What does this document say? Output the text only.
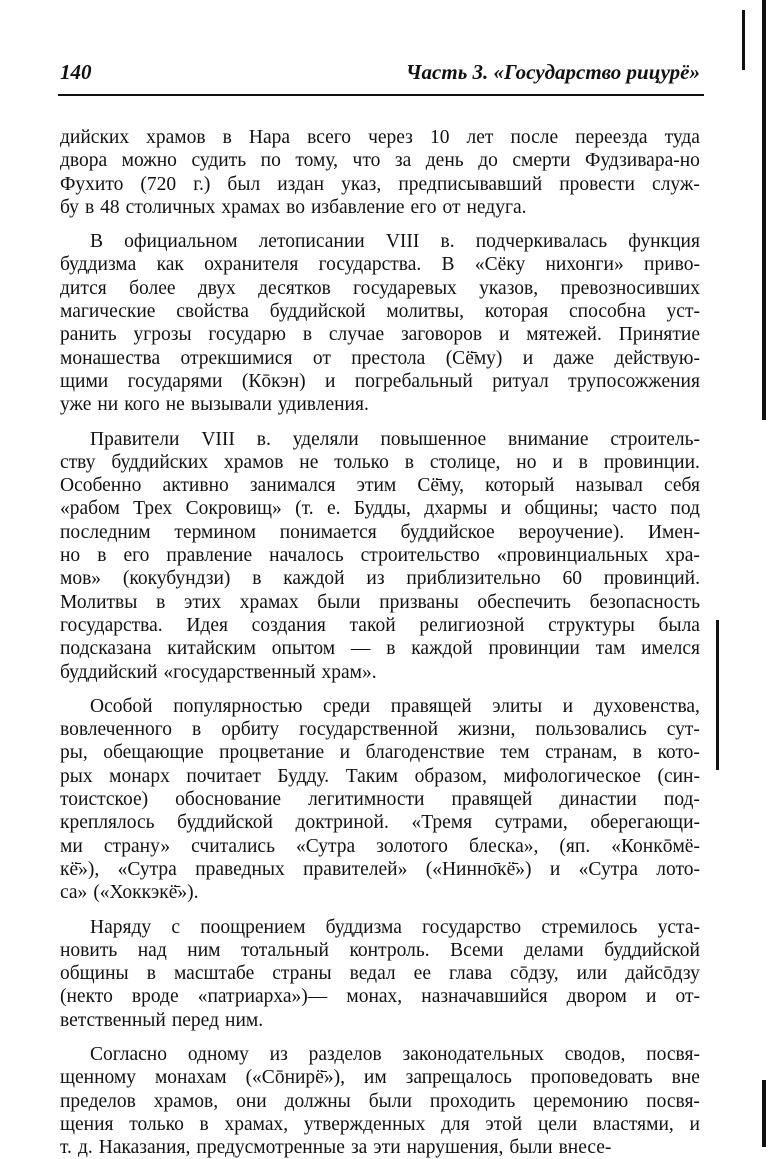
140	Часть 3. «Государство рицурё»
дийских храмов в Нара всего через 10 лет после переезда туда
двора можно судить по тому, что за день до смерти Фудзивара-но
Фухито (720 г.) был издан указ, предписывавший провести служ-
бу в 48 столичных храмах во избавление его от недуга.
В официальном летописании VIII в. подчеркивалась функция
буддизма как охранителя государства. В «Сёку нихонги» приво-
дится более двух десятков государевых указов, превозносивших
магические свойства буддийской молитвы, которая способна уст-
ранить угрозы государю в случае заговоров и мятежей. Принятие
монашества отрекшимися от престола (Сё̄му) и даже действую-
щими государями (Кōкэн) и погребальный ритуал трупосожжения
уже ни кого не вызывали удивления.
Правители VIII в. уделяли повышенное внимание строитель-
ству буддийских храмов не только в столице, но и в провинции.
Особенно активно занимался этим Сё̄му, который называл себя
«рабом Трех Сокровищ» (т. е. Будды, дхармы и общины; часто под
последним термином понимается буддийское вероучение). Имен-
но в его правление началось строительство «провинциальных хра-
мов» (кокубундзи) в каждой из приблизительно 60 провинций.
Молитвы в этих храмах были призваны обеспечить безопасность
государства. Идея создания такой религиозной структуры была
подсказана китайским опытом — в каждой провинции там имелся
буддийский «государственный храм».
Особой популярностью среди правящей элиты и духовенства,
вовлеченного в орбиту государственной жизни, пользовались сут-
ры, обещающие процветание и благоденствие тем странам, в кото-
рых монарх почитает Будду. Таким образом, мифологическое (син-
тоистское) обоснование легитимности правящей династии под-
креплялось буддийской доктриной. «Тремя сутрами, оберегающи-
ми страну» считались «Сутра золотого блеска», (яп. «Конкōмё-
кё̄»), «Сутра праведных правителей» («Нинно̄кё̄») и «Сутра лото-
са» («Хоккэкё̄»).
Наряду с поощрением буддизма государство стремилось уста-
новить над ним тотальный контроль. Всеми делами буддийской
общины в масштабе страны ведал ее глава сōдзу, или дайсōдзу
(некто вроде «патриарха»)— монах, назначавшийся двором и от-
ветственный перед ним.
Согласно одному из разделов законодательных сводов, посвя-
щенному монахам («Сōнирё̄»), им запрещалось проповедовать вне
пределов храмов, они должны были проходить церемонию посвя-
щения только в храмах, утвержденных для этой цели властями, и
т. д. Наказания, предусмотренные за эти нарушения, были внесе-
